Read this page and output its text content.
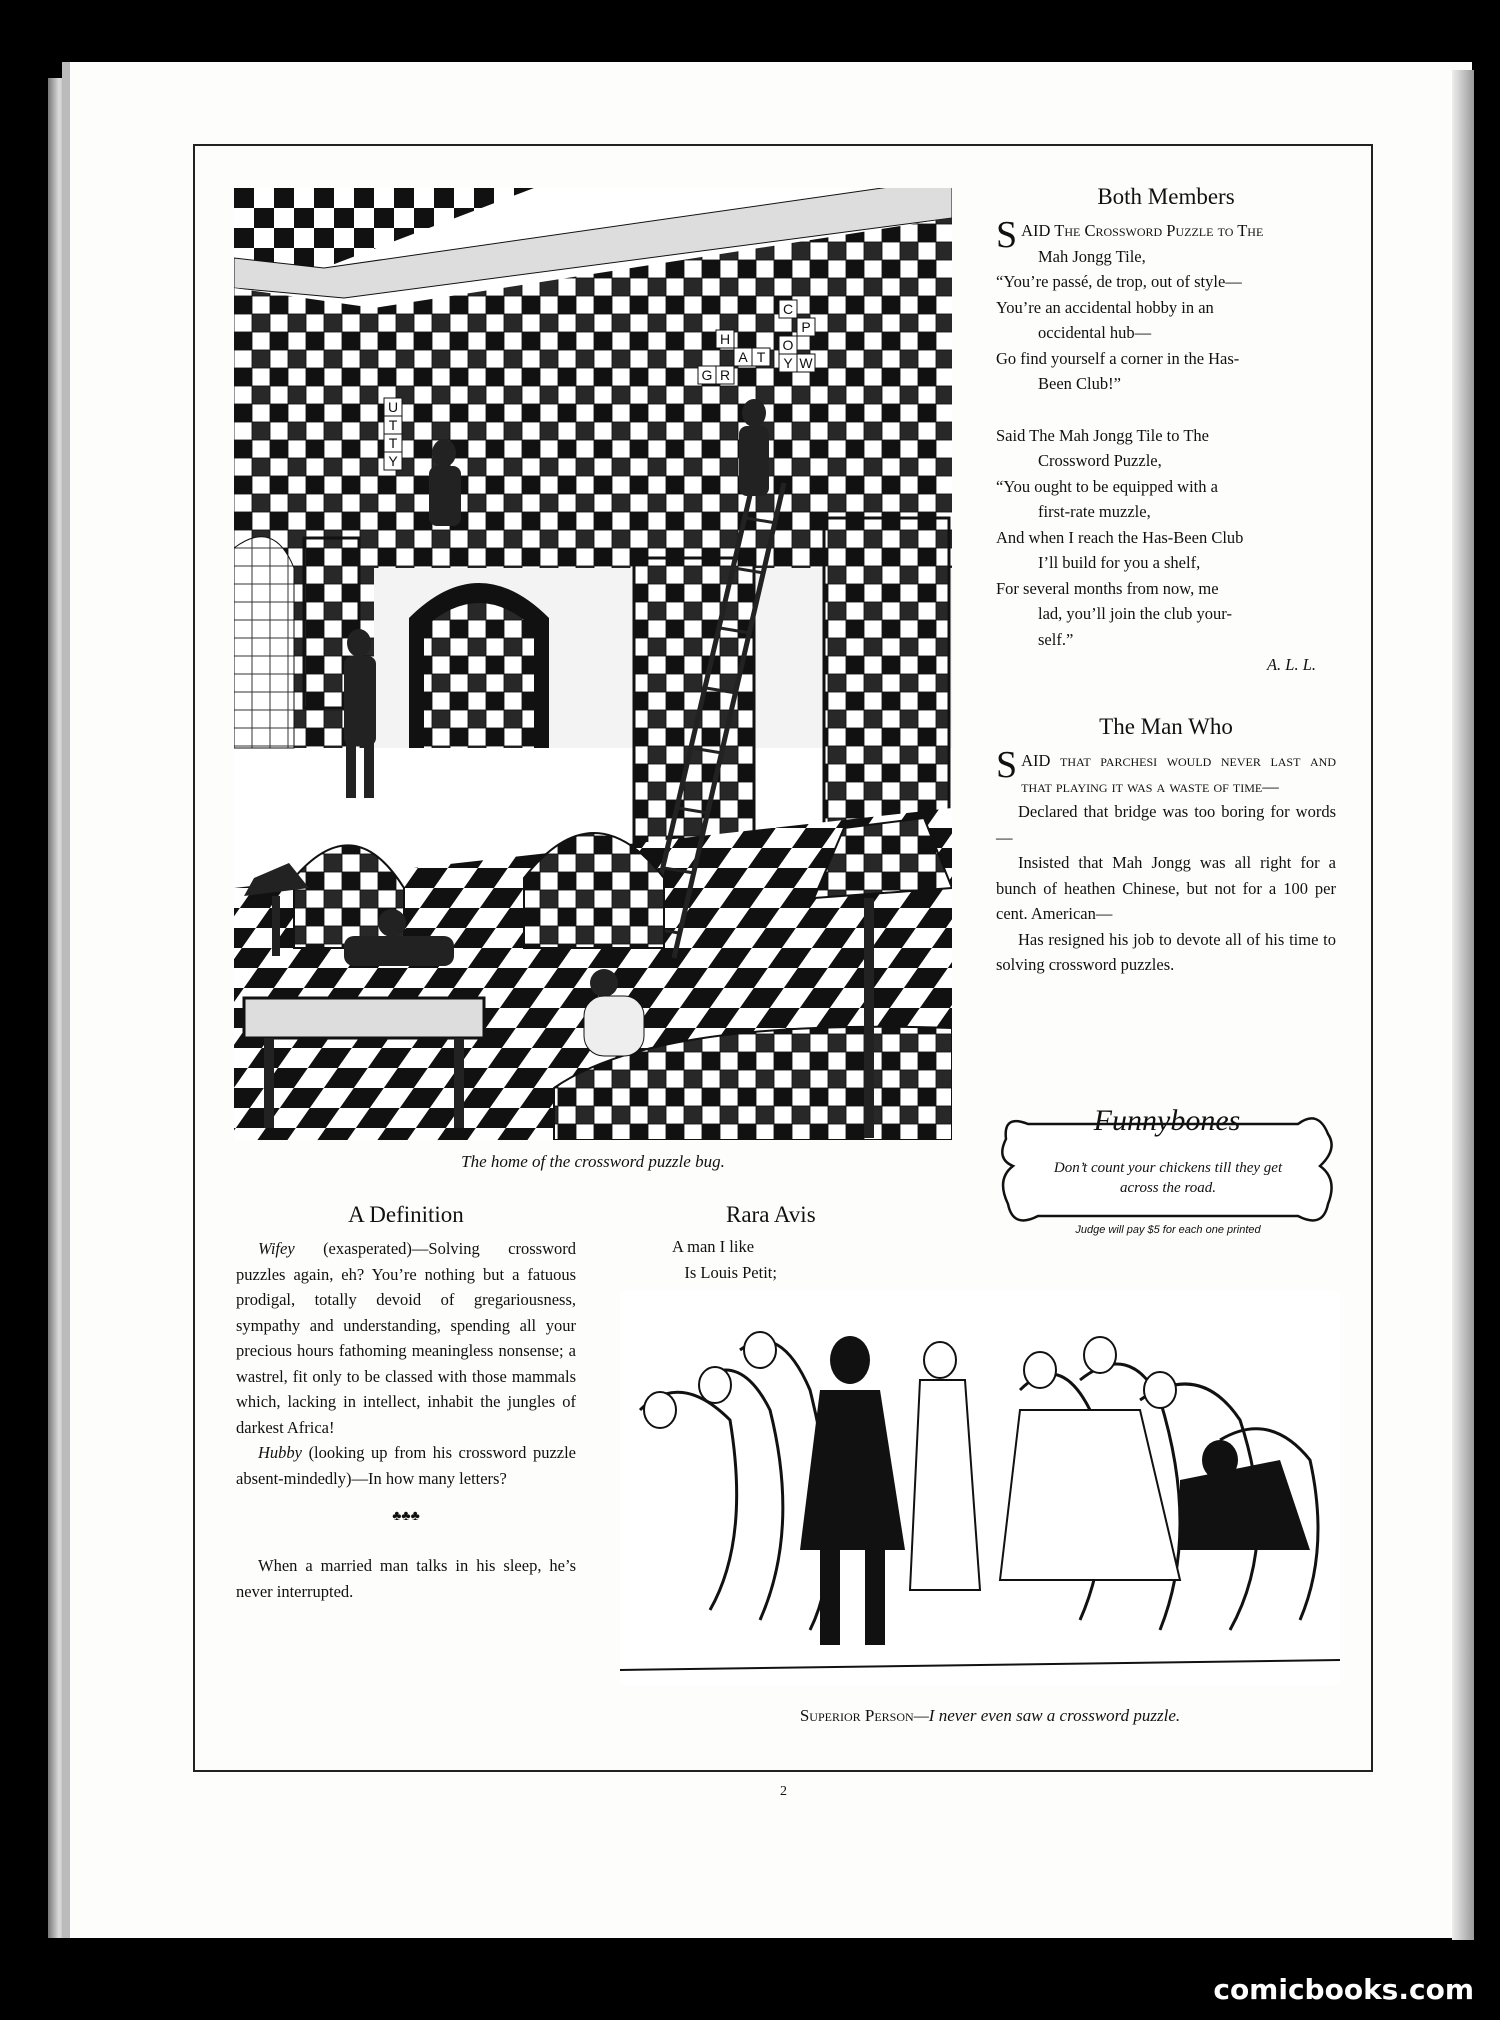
C
H
A T
G R
O
Y W
P
U
T
T
Y
The home of the crossword puzzle bug.
Both Members
SAID The Crossword Puzzle to The
Mah Jongg Tile,
“You’re passé, de trop, out of style—
You’re an accidental hobby in an
occidental hub—
Go find yourself a corner in the Has-
Been Club!”
Said The Mah Jongg Tile to The
Crossword Puzzle,
“You ought to be equipped with a
first-rate muzzle,
And when I reach the Has-Been Club
I’ll build for you a shelf,
For several months from now, me
lad, you’ll join the club your-
self.”
A. L. L.
The Man Who

SAID that parchesi would never last and that playing it was a waste of time—

Declared that bridge was too boring for words—

Insisted that Mah Jongg was all right for a bunch of heathen Chinese, but not for a 100 per cent. American—

Has resigned his job to devote all of his time to solving crossword puzzles.

Funnybones
Don’t count your chickens till they get across the road.
Judge will pay $5 for each one printed
A Definition

Wifey (exasperated)—Solving crossword puzzles again, eh? You’re nothing but a fatuous prodigal, totally devoid of gregariousness, sympathy and understanding, spending all your precious hours fathoming meaningless nonsense; a wastrel, fit only to be classed with those mammals which, lacking in intellect, inhabit the jungles of darkest Africa!

Hubby (looking up from his crossword puzzle absent-mindedly)—In how many letters?

♣♣♣

When a married man talks in his sleep, he’s never interrupted.

Rara Avis
A man I like
Is Louis Petit;
Superior Person—I never even saw a crossword puzzle.
2
comicbooks.com
